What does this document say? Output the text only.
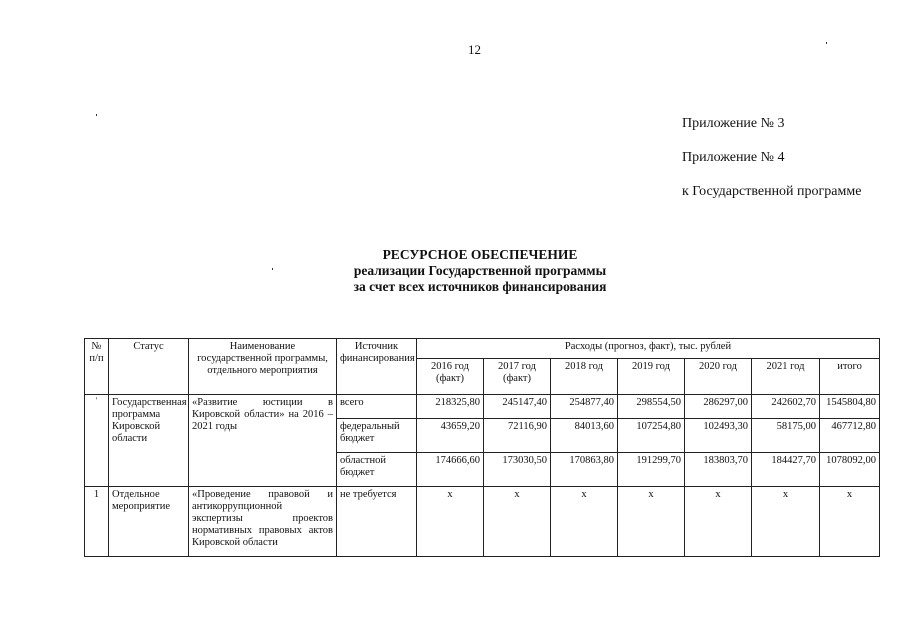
12
Приложение № 3
Приложение № 4
к Государственной программе
РЕСУРСНОЕ ОБЕСПЕЧЕНИЕ
реализации Государственной программы
за счет всех источников финансирования
№ п/п	Статус	Наименование государственной программы, отдельного мероприятия	Источник финансирования	Расходы (прогноз, факт), тыс. рублей						
				2016 год (факт)	2017 год (факт)	2018 год	2019 год	2020 год	2021 год	итого

'	Государственная программа Кировской области	«Развитие юстиции в Кировской области» на 2016 – 2021 годы	всего	218325,80	245147,40	254877,40	298554,50	286297,00	242602,70	1545804,80
			федеральный бюджет	43659,20	72116,90	84013,60	107254,80	102493,30	58175,00	467712,80
			областной бюджет	174666,60	173030,50	170863,80	191299,70	183803,70	184427,70	1078092,00
1	Отдельное мероприятие	«Проведение правовой и антикоррупционной экспертизы проектов нормативных правовых актов Кировской области	не требуется	x	x	x	x	x	x	x
